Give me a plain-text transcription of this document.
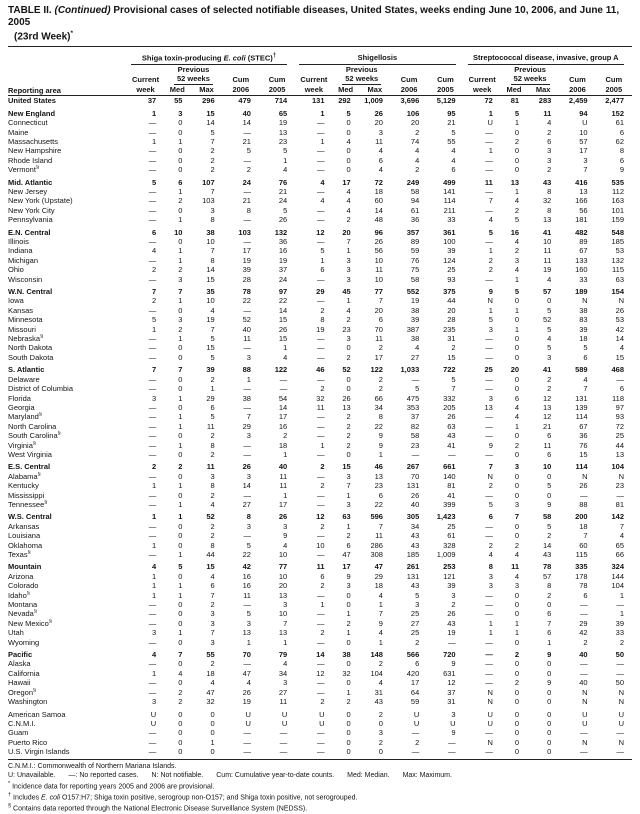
TABLE II. (Continued) Provisional cases of selected notifiable diseases, United States, weeks ending June 10, 2006, and June 11, 2005
(23rd Week)*
Reporting area	Shiga toxin-producing E. coli (STEC)†					Shigellosis					Streptococcal disease, invasive, group A				

		Previous					Previous					Previous			
	Current	52 weeks		Cum	Cum	Current	52 weeks		Cum	Cum	Current	52 weeks		Cum	Cum
	week	Med	Max	2006	2005	week	Med	Max	2006	2005	week	Med	Max	2006	2005
United States	37	55	296	479	714	131	292	1,009	3,696	5,129	72	81	283	2,459	2,477

New England	1	3	15	40	65	1	5	26	106	95	1	5	11	94	152
Connecticut	—	0	14	14	19	—	0	20	20	21	U	1	4	U	61
Maine	—	0	5	—	13	—	0	3	2	5	—	0	2	10	6
Massachusetts	1	1	7	21	23	1	4	11	74	55	—	2	6	57	62
New Hampshire	—	0	2	5	5	—	0	4	4	4	1	0	3	17	8
Rhode Island	—	0	2	—	1	—	0	6	4	4	—	0	3	3	6
Vermont§	—	0	2	2	4	—	0	4	2	6	—	0	2	7	9

Mid. Atlantic	5	6	107	24	76	4	17	72	249	499	11	13	43	416	535
New Jersey	—	1	7	—	21	—	4	18	58	141	—	1	8	13	112
New York (Upstate)	—	2	103	21	24	4	4	60	94	114	7	4	32	166	163
New York City	—	0	3	8	5	—	4	14	61	211	—	2	8	56	101
Pennsylvania	—	1	8	—	26	—	2	48	36	33	4	5	13	181	159

E.N. Central	6	10	38	103	132	12	20	96	357	361	5	16	41	482	548
Illinois	—	0	10	—	36	—	7	26	89	100	—	4	10	89	185
Indiana	4	1	7	17	16	5	1	56	59	39	1	2	11	67	53
Michigan	—	1	8	19	19	1	3	10	76	124	2	3	11	133	132
Ohio	2	2	14	39	37	6	3	11	75	25	2	4	19	160	115
Wisconsin	—	3	15	28	24	—	3	10	58	93	—	1	4	33	63

W.N. Central	7	7	35	78	97	29	45	77	552	375	9	5	57	189	154
Iowa	2	1	10	22	22	—	1	7	19	44	N	0	0	N	N
Kansas	—	0	4	—	14	2	4	20	38	20	1	1	5	38	26
Minnesota	5	3	19	52	15	8	2	6	39	28	5	0	52	83	53
Missouri	1	2	7	40	26	19	23	70	387	235	3	1	5	39	42
Nebraska§	—	1	5	11	15	—	3	11	38	31	—	0	4	18	14
North Dakota	—	0	15	—	1	—	0	2	4	2	—	0	5	5	4
South Dakota	—	0	5	3	4	—	2	17	27	15	—	0	3	6	15

S. Atlantic	7	7	39	88	122	46	52	122	1,033	722	25	20	41	589	468
Delaware	—	0	2	1	—	—	0	2	—	5	—	0	2	4	—
District of Columbia	—	0	1	—	—	2	0	2	5	7	—	0	2	7	6
Florida	3	1	29	38	54	32	26	66	475	332	3	6	12	131	118
Georgia	—	0	6	—	14	11	13	34	353	205	13	4	13	139	97
Maryland§	—	1	5	7	17	—	2	8	37	26	—	4	12	114	93
North Carolina	—	1	11	29	16	—	2	22	82	63	—	1	21	67	72
South Carolina§	—	0	2	3	2	—	2	9	58	43	—	0	6	36	25
Virginia§	—	1	8	—	18	1	2	9	23	41	9	2	11	76	44
West Virginia	—	0	2	—	1	—	0	1	—	—	—	0	6	15	13

E.S. Central	2	2	11	26	40	2	15	46	267	661	7	3	10	114	104
Alabama§	—	0	3	3	11	—	3	13	70	140	N	0	0	N	N
Kentucky	1	1	8	14	11	2	7	23	131	81	2	0	5	26	23
Mississippi	—	0	2	—	1	—	1	6	26	41	—	0	0	—	—
Tennessee§	—	1	4	27	17	—	3	22	40	399	5	3	9	88	81

W.S. Central	1	1	52	8	26	12	63	596	305	1,423	6	7	58	200	142
Arkansas	—	0	2	3	3	2	1	7	34	25	—	0	5	18	7
Louisiana	—	0	2	—	9	—	2	11	43	61	—	0	2	7	4
Oklahoma	1	0	8	5	4	10	6	286	43	328	2	2	14	60	65
Texas§	—	1	44	22	10	—	47	308	185	1,009	4	4	43	115	66

Mountain	4	5	15	42	77	11	17	47	261	253	8	11	78	335	324
Arizona	1	0	4	16	10	6	9	29	131	121	3	4	57	178	144
Colorado	1	1	6	16	20	2	3	18	43	39	3	3	8	78	104
Idaho§	1	1	7	11	13	—	0	4	5	3	—	0	2	6	1
Montana	—	0	2	—	3	1	0	1	3	2	—	0	0	—	—
Nevada§	—	0	3	5	10	—	1	7	25	26	—	0	6	—	1
New Mexico§	—	0	3	3	7	—	2	9	27	43	1	1	7	29	39
Utah	3	1	7	13	13	2	1	4	25	19	1	1	6	42	33
Wyoming	—	0	3	1	1	—	0	1	2	—	—	0	1	2	2

Pacific	4	7	55	70	79	14	38	148	566	720	—	2	9	40	50
Alaska	—	0	2	—	4	—	0	2	6	9	—	0	0	—	—
California	1	4	18	47	34	12	32	104	420	631	—	0	0	—	—
Hawaii	—	0	4	4	3	—	0	4	17	12	—	2	9	40	50
Oregon§	—	2	47	26	27	—	1	31	64	37	N	0	0	N	N
Washington	3	2	32	19	11	2	2	43	59	31	N	0	0	N	N

American Samoa	U	0	0	U	U	U	0	2	U	3	U	0	0	U	U
C.N.M.I.	U	0	0	U	U	U	0	0	U	U	U	0	0	U	U
Guam	—	0	0	—	—	—	0	3	—	9	—	0	0	—	—
Puerto Rico	—	0	1	—	—	—	0	2	2	—	N	0	0	N	N
U.S. Virgin Islands	—	0	0	—	—	—	0	0	—	—	—	0	0	—	—
C.N.M.I.: Commonwealth of Northern Mariana Islands.
U: Unavailable. —: No reported cases. N: Not notifiable. Cum: Cumulative year-to-date counts. Med: Median. Max: Maximum.
* Incidence data for reporting years 2005 and 2006 are provisional.
† Includes E. coli O157:H7; Shiga toxin positive, serogroup non-O157; and Shiga toxin positive, not serogrouped.
§ Contains data reported through the National Electronic Disease Surveillance System (NEDSS).
